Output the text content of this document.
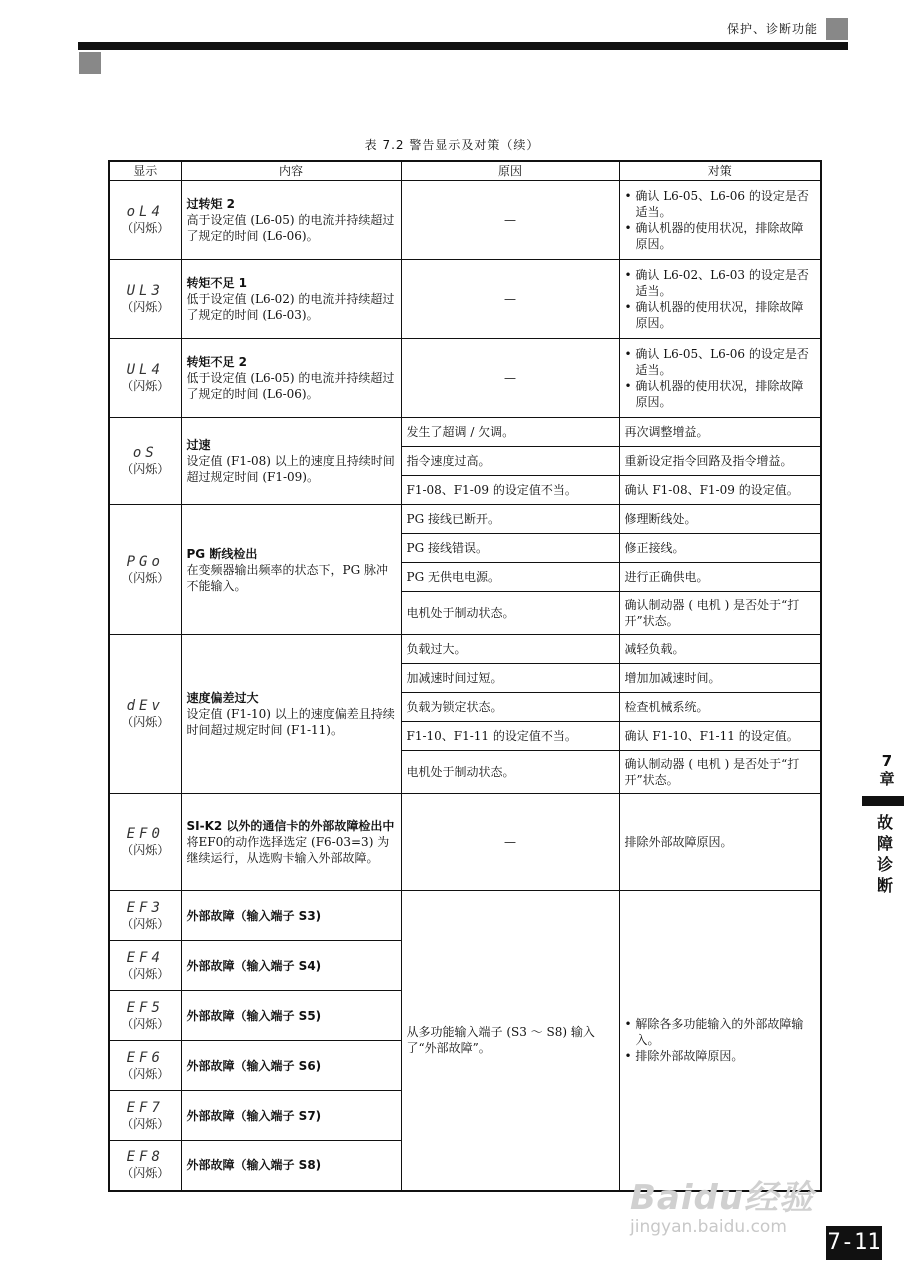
保护、诊断功能
表 7.2 警告显示及对策（续）
显示	内容	原因	对策

oL4
（闪烁）	过转矩 2
高于设定值 (L6-05) 的电流并持续超过了规定的时间 (L6-06)。	—	• 确认 L6-05、L6-06 的设定是否适当。
• 确认机器的使用状况，排除故障原因。

UL3
（闪烁）	转矩不足 1
低于设定值 (L6-02) 的电流并持续超过了规定的时间 (L6-03)。	—	• 确认 L6-02、L6-03 的设定是否适当。
• 确认机器的使用状况，排除故障原因。

UL4
（闪烁）	转矩不足 2
低于设定值 (L6-05) 的电流并持续超过了规定的时间 (L6-06)。	—	• 确认 L6-05、L6-06 的设定是否适当。
• 确认机器的使用状况，排除故障原因。

oS
（闪烁）	过速
设定值 (F1-08) 以上的速度且持续时间超过规定时间 (F1-09)。	发生了超调 / 欠调。	再次调整增益。
		指令速度过高。	重新设定指令回路及指令增益。
		F1-08、F1-09 的设定值不当。	确认 F1-08、F1-09 的设定值。

PGo
（闪烁）	PG 断线检出
在变频器输出频率的状态下，PG 脉冲不能输入。	PG 接线已断开。	修理断线处。
		PG 接线错误。	修正接线。
		PG 无供电电源。	进行正确供电。
		电机处于制动状态。	确认制动器 ( 电机 ) 是否处于“打开”状态。

dEv
（闪烁）	速度偏差过大
设定值 (F1-10) 以上的速度偏差且持续时间超过规定时间 (F1-11)。	负载过大。	减轻负载。
		加减速时间过短。	增加加减速时间。
		负载为锁定状态。	检查机械系统。
		F1-10、F1-11 的设定值不当。	确认 F1-10、F1-11 的设定值。
		电机处于制动状态。	确认制动器 ( 电机 ) 是否处于“打开”状态。

EF0
（闪烁）	SI-K2 以外的通信卡的外部故障检出中
将EF0的动作选择选定 (F6-03=3) 为继续运行，从选购卡输入外部故障。	—	排除外部故障原因。

EF3
（闪烁）	外部故障（输入端子 S3)	从多功能输入端子 (S3 ～ S8) 输入了“外部故障”。	• 解除各多功能输入的外部故障输入。
• 排除外部故障原因。

EF4
（闪烁）	外部故障（输入端子 S4)		

EF5
（闪烁）	外部故障（输入端子 S5)		

EF6
（闪烁）	外部故障（输入端子 S6)		

EF7
（闪烁）	外部故障（输入端子 S7)		

EF8
（闪烁）	外部故障（输入端子 S8)		
7
章
故障诊断
Baidu经验
jingyan.baidu.com
7-11
